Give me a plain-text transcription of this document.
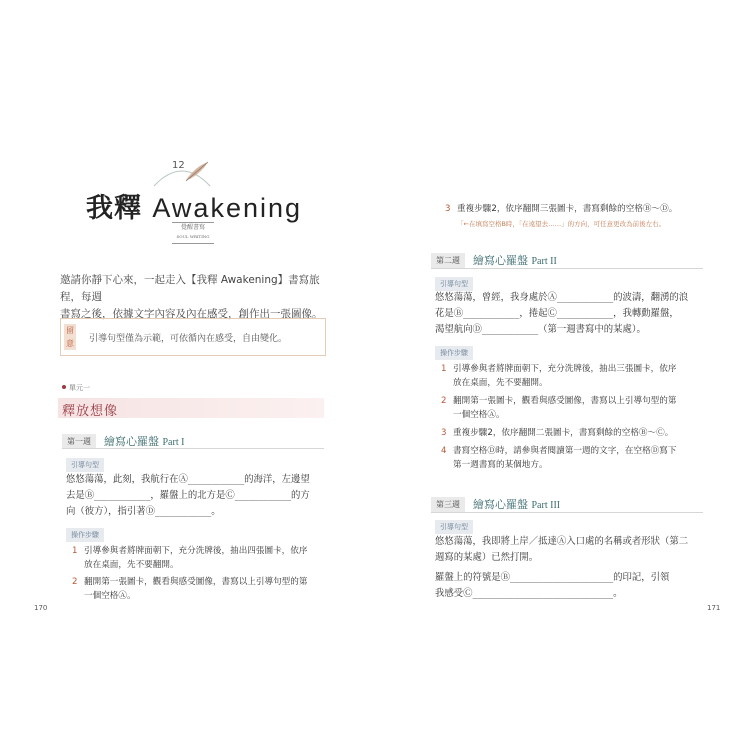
12
我釋 Awakening
覺醒書寫
SOUL WRITING
邀請你靜下心來，一起走入【我釋 Awakening】書寫旅程，每週
書寫之後，依據文字內容及內在感受，創作出一張圖像。
留
意 引導句型僅為示範，可依循內在感受，自由變化。
單元一
釋放想像
第一週	繪寫心羅盤 Part I
引導句型
悠悠蕩蕩，此刻，我航行在Ⓐ____________的海洋，左邊望
去是Ⓑ____________，羅盤上的北方是Ⓒ____________的方
向（彼方），指引著Ⓓ____________。
操作步驟
1 引導參與者將牌面朝下，充分洗牌後，抽出四張圖卡，依序
放在桌面，先不要翻開。
2 翻開第一張圖卡，觀看與感受圖像，書寫以上引導句型的第
一個空格Ⓐ。
170
3 重複步驟2，依序翻開三張圖卡，書寫剩餘的空格Ⓑ～Ⓓ。
「←在填寫空格B時，「在遠望去……」的方向，可任意更改為前後左右。
第二週	繪寫心羅盤 Part II
引導句型
悠悠蕩蕩，曾經，我身處於Ⓐ____________的波濤，翻湧的浪
花是Ⓑ____________，捲起Ⓒ____________，我轉動羅盤，
渴望航向Ⓓ____________（第一週書寫中的某處）。
操作步驟
1 引導參與者將牌面朝下，充分洗牌後，抽出三張圖卡，依序
放在桌面，先不要翻開。
2 翻開第一張圖卡，觀看與感受圖像，書寫以上引導句型的第
一個空格Ⓐ。
3 重複步驟2，依序翻開二張圖卡，書寫剩餘的空格Ⓑ～Ⓒ。
4 書寫空格Ⓓ時，請參與者閱讀第一週的文字，在空格Ⓓ寫下
第一週書寫的某個地方。
第三週	繪寫心羅盤 Part III
引導句型
悠悠蕩蕩，我即將上岸／抵達Ⓐ入口處的名稱或者形狀（第二
週寫的某處）已然打開。
羅盤上的符號是Ⓑ______________________的印記，引領
我感受Ⓒ______________________________。
171
